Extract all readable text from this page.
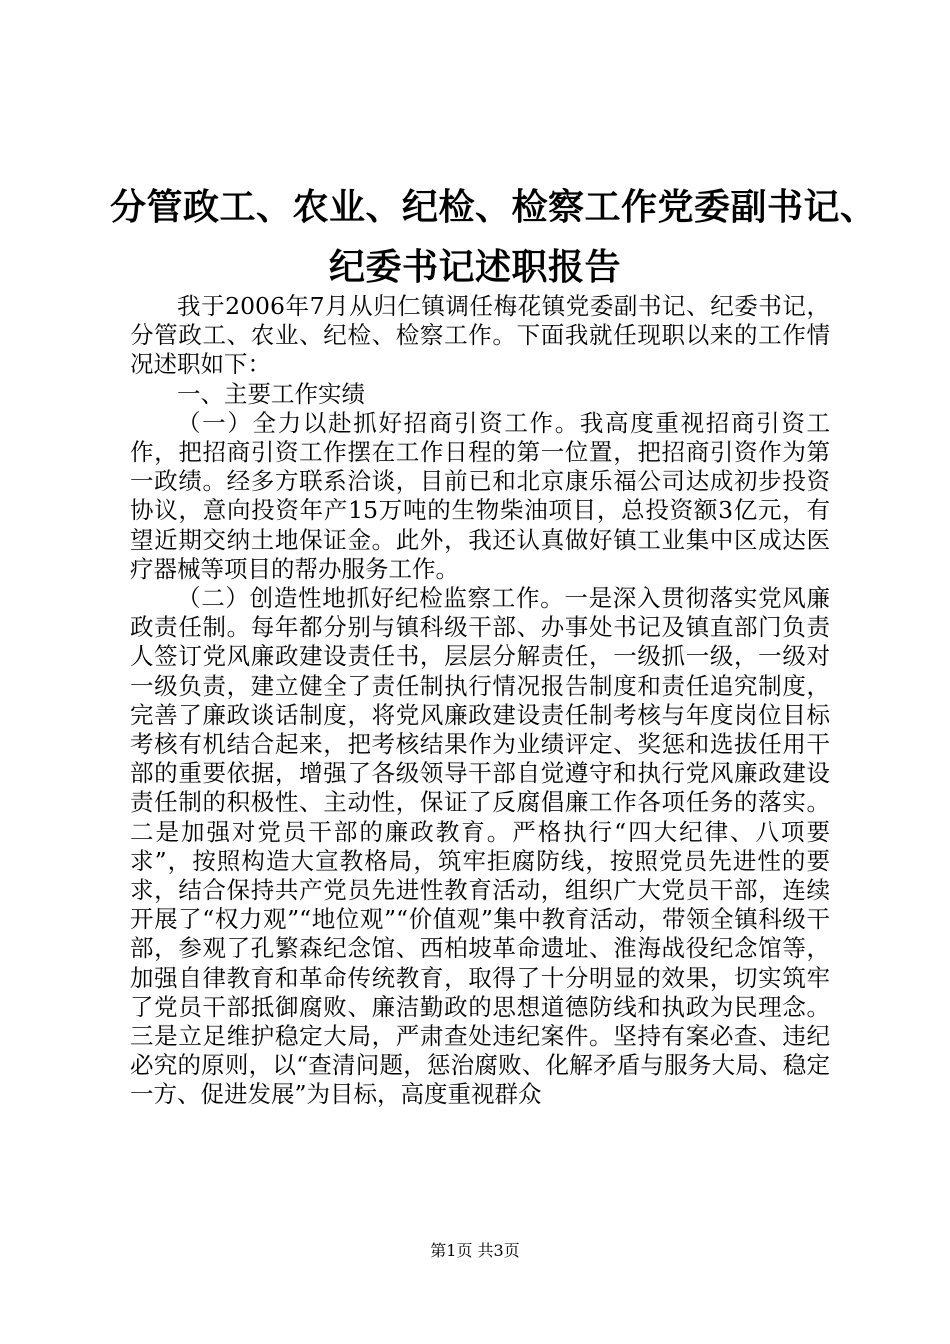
分管政工、农业、纪检、检察工作党委副书记、
纪委书记述职报告

我于2006年7月从归仁镇调任梅花镇党委副书记、纪委书记，分管政工、农业、纪检、检察工作。下面我就任现职以来的工作情况述职如下：

一、主要工作实绩

（一）全力以赴抓好招商引资工作。我高度重视招商引资工作，把招商引资工作摆在工作日程的第一位置，把招商引资作为第一政绩。经多方联系洽谈，目前已和北京康乐福公司达成初步投资协议，意向投资年产15万吨的生物柴油项目，总投资额3亿元，有望近期交纳土地保证金。此外，我还认真做好镇工业集中区成达医疗器械等项目的帮办服务工作。

（二）创造性地抓好纪检监察工作。一是深入贯彻落实党风廉政责任制。每年都分别与镇科级干部、办事处书记及镇直部门负责人签订党风廉政建设责任书，层层分解责任，一级抓一级，一级对一级负责，建立健全了责任制执行情况报告制度和责任追究制度，完善了廉政谈话制度，将党风廉政建设责任制考核与年度岗位目标考核有机结合起来，把考核结果作为业绩评定、奖惩和选拔任用干部的重要依据，增强了各级领导干部自觉遵守和执行党风廉政建设责任制的积极性、主动性，保证了反腐倡廉工作各项任务的落实。二是加强对党员干部的廉政教育。严格执行“四大纪律、八项要求”，按照构造大宣教格局，筑牢拒腐防线，按照党员先进性的要求，结合保持共产党员先进性教育活动，组织广大党员干部，连续开展了“权力观”“地位观”“价值观”集中教育活动，带领全镇科级干部，参观了孔繁森纪念馆、西柏坡革命遗址、淮海战役纪念馆等，加强自律教育和革命传统教育，取得了十分明显的效果，切实筑牢了党员干部抵御腐败、廉洁勤政的思想道德防线和执政为民理念。三是立足维护稳定大局，严肃查处违纪案件。坚持有案必查、违纪必究的原则，以“查清问题，惩治腐败、化解矛盾与服务大局、稳定一方、促进发展”为目标，高度重视群众

第1页 共3页
